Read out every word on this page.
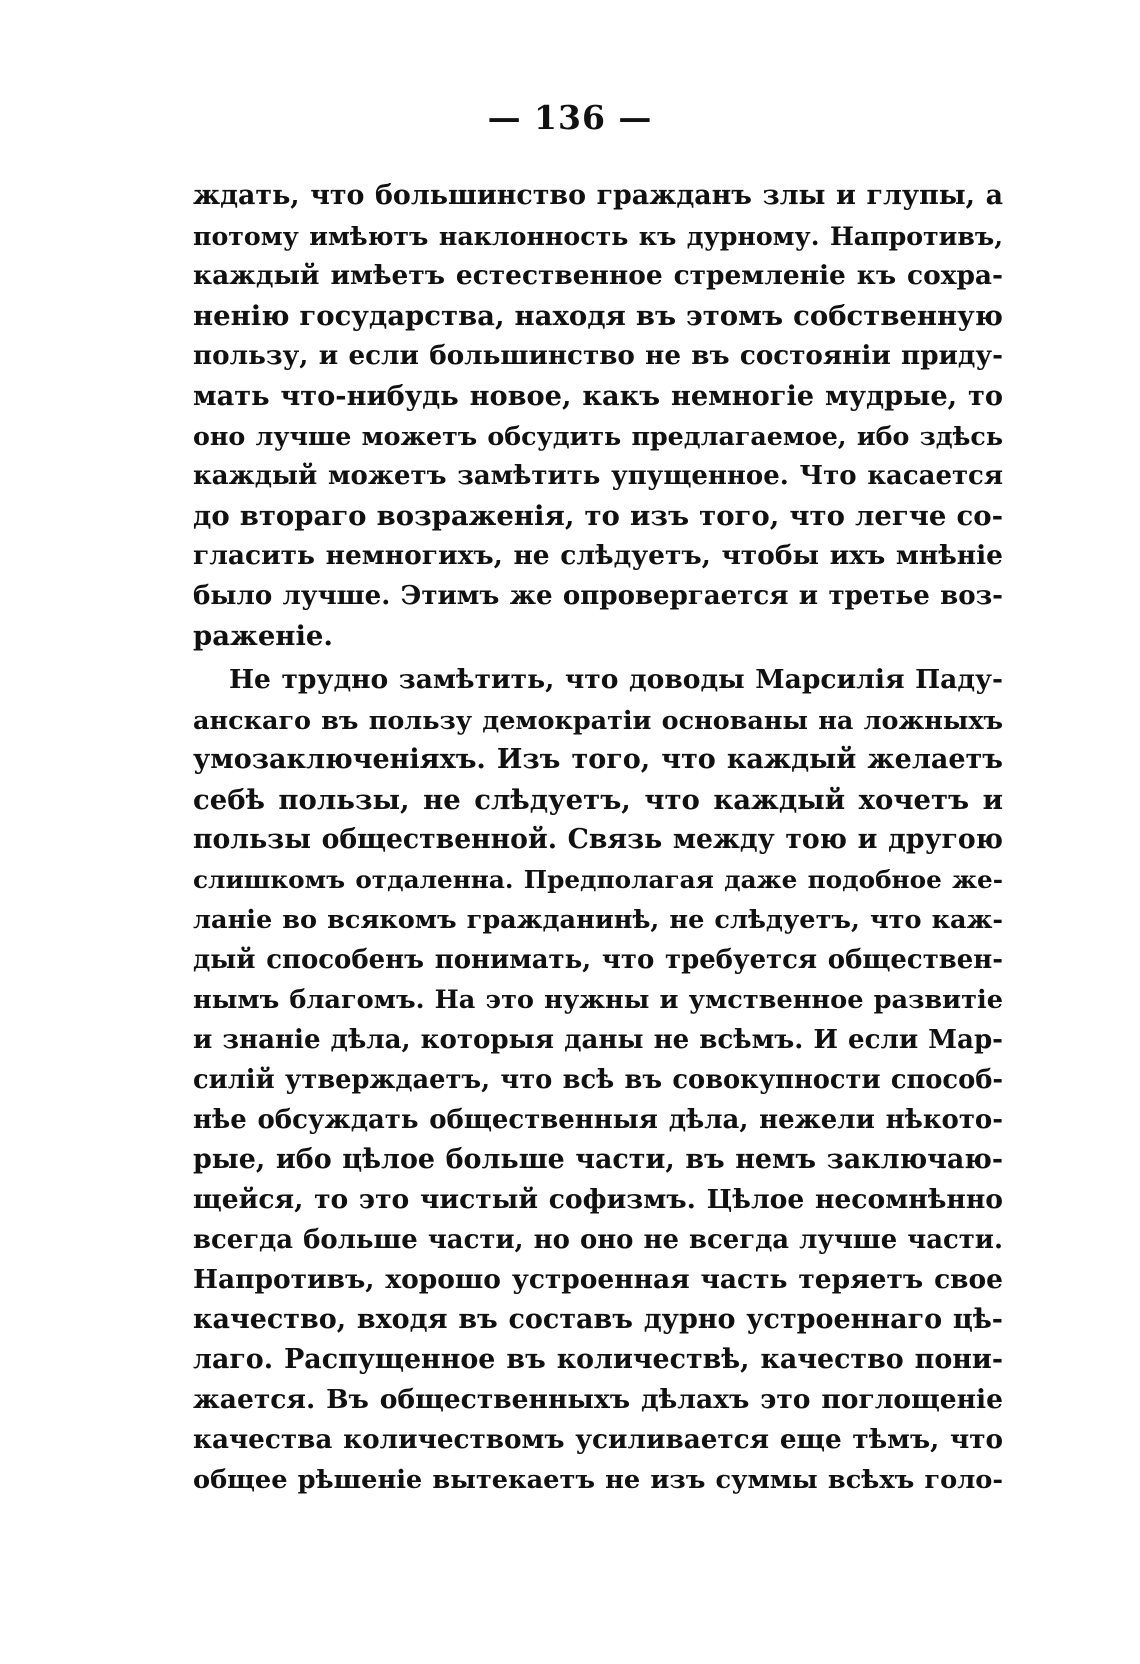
— 136 —
ждать, что большинство гражданъ злы и глупы, а
потому имѣютъ наклонность къ дурному. Напротивъ,
каждый имѣетъ естественное стремленіе къ сохра-
ненію государства, находя въ этомъ собственную
пользу, и если большинство не въ состояніи приду-
мать что-нибудь новое, какъ немногіе мудрые, то
оно лучше можетъ обсудить предлагаемое, ибо здѣсь
каждый можетъ замѣтить упущенное. Что касается
до втораго возраженія, то изъ того, что легче со-
гласить немногихъ, не слѣдуетъ, чтобы ихъ мнѣніе
было лучше. Этимъ же опровергается и третье воз-
раженіе.
Не трудно замѣтить, что доводы Марсилія Паду-
анскаго въ пользу демократіи основаны на ложныхъ
умозаключеніяхъ. Изъ того, что каждый желаетъ
себѣ пользы, не слѣдуетъ, что каждый хочетъ и
пользы общественной. Связь между тою и другою
слишкомъ отдаленна. Предполагая даже подобное же-
ланіе во всякомъ гражданинѣ, не слѣдуетъ, что каж-
дый способенъ понимать, что требуется обществен-
нымъ благомъ. На это нужны и умственное развитіе
и знаніе дѣла, которыя даны не всѣмъ. И если Мар-
силій утверждаетъ, что всѣ въ совокупности способ-
нѣе обсуждать общественныя дѣла, нежели нѣкото-
рые, ибо цѣлое больше части, въ немъ заключаю-
щейся, то это чистый софизмъ. Цѣлое несомнѣнно
всегда больше части, но оно не всегда лучше части.
Напротивъ, хорошо устроенная часть теряетъ свое
качество, входя въ составъ дурно устроеннаго цѣ-
лаго. Распущенное въ количествѣ, качество пони-
жается. Въ общественныхъ дѣлахъ это поглощеніе
качества количествомъ усиливается еще тѣмъ, что
общее рѣшеніе вытекаетъ не изъ суммы всѣхъ голо-
